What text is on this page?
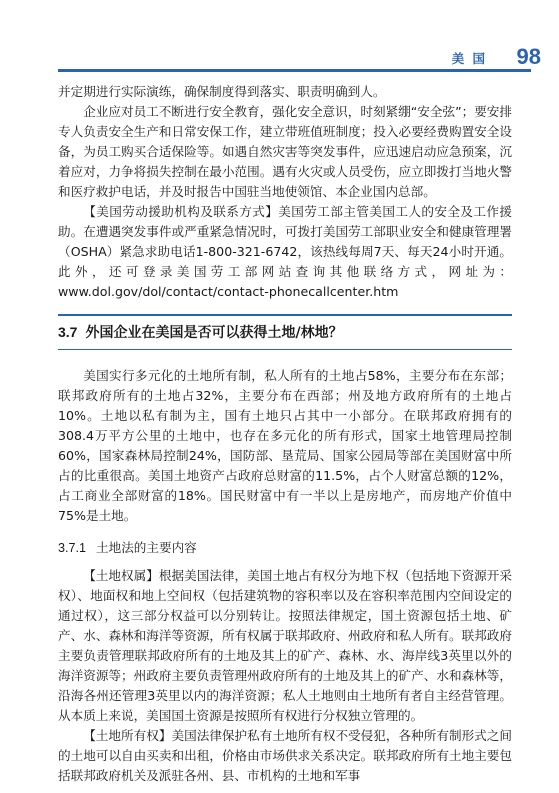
美 国 98

并定期进行实际演练，确保制度得到落实、职责明确到人。

企业应对员工不断进行安全教育，强化安全意识，时刻紧绷“安全弦”；要安排专人负责安全生产和日常安保工作，建立带班值班制度；投入必要经费购置安全设备，为员工购买合适保险等。如遇自然灾害等突发事件，应迅速启动应急预案，沉着应对，力争将损失控制在最小范围。遇有火灾或人员受伤，应立即拨打当地火警和医疗救护电话，并及时报告中国驻当地使领馆、本企业国内总部。

【美国劳动援助机构及联系方式】美国劳工部主管美国工人的安全及工作援助。在遭遇突发事件或严重紧急情况时，可拨打美国劳工部职业安全和健康管理署（OSHA）紧急求助电话1-800-321-6742，该热线每周7天、每天24小时开通。此外，还可登录美国劳工部网站查询其他联络方式，网址为：www.dol.gov/dol/contact/contact-phonecallcenter.htm

3.7 外国企业在美国是否可以获得土地/林地？

美国实行多元化的土地所有制，私人所有的土地占58%，主要分布在东部；联邦政府所有的土地占32%，主要分布在西部；州及地方政府所有的土地占10%。土地以私有制为主，国有土地只占其中一小部分。在联邦政府拥有的308.4万平方公里的土地中，也存在多元化的所有形式，国家土地管理局控制60%，国家森林局控制24%，国防部、垦荒局、国家公园局等部在美国财富中所占的比重很高。美国土地资产占政府总财富的11.5%，占个人财富总额的12%，占工商业全部财富的18%。国民财富中有一半以上是房地产，而房地产价值中75%是土地。

3.7.1 土地法的主要内容

【土地权属】根据美国法律，美国土地占有权分为地下权（包括地下资源开采权）、地面权和地上空间权（包括建筑物的容积率以及在容积率范围内空间设定的通过权），这三部分权益可以分别转让。按照法律规定，国土资源包括土地、矿产、水、森林和海洋等资源，所有权属于联邦政府、州政府和私人所有。联邦政府主要负责管理联邦政府所有的土地及其上的矿产、森林、水、海岸线3英里以外的海洋资源等；州政府主要负责管理州政府所有的土地及其上的矿产、水和森林等，沿海各州还管理3英里以内的海洋资源；私人土地则由土地所有者自主经营管理。从本质上来说，美国国土资源是按照所有权进行分权独立管理的。

【土地所有权】美国法律保护私有土地所有权不受侵犯，各种所有制形式之间的土地可以自由买卖和出租，价格由市场供求关系决定。联邦政府所有土地主要包括联邦政府机关及派驻各州、县、市机构的土地和军事
